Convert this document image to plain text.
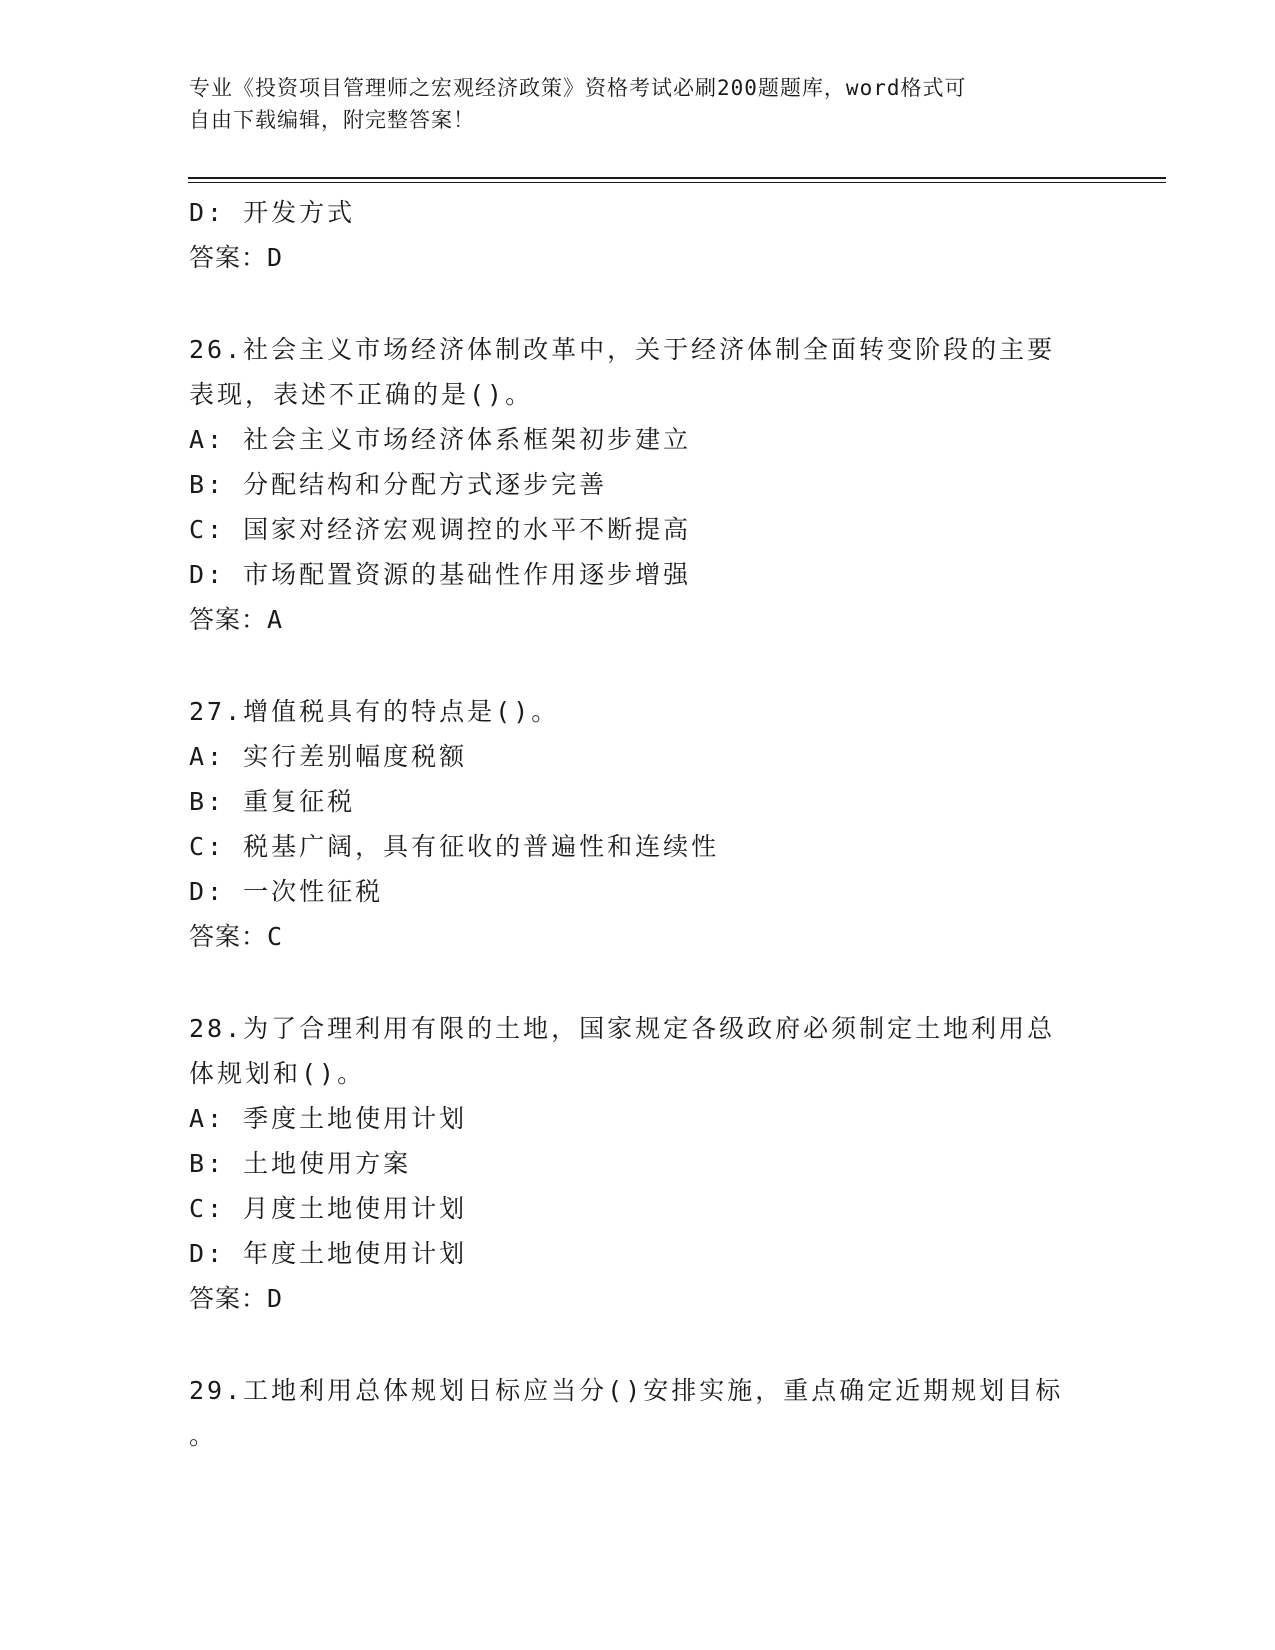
专业《投资项目管理师之宏观经济政策》资格考试必刷200题题库，word格式可
自由下载编辑，附完整答案！
D: 开发方式
答案：D
26.社会主义市场经济体制改革中，关于经济体制全面转变阶段的主要
表现，表述不正确的是()。
A: 社会主义市场经济体系框架初步建立
B: 分配结构和分配方式逐步完善
C: 国家对经济宏观调控的水平不断提高
D: 市场配置资源的基础性作用逐步增强
答案：A
27.增值税具有的特点是()。
A: 实行差别幅度税额
B: 重复征税
C: 税基广阔，具有征收的普遍性和连续性
D: 一次性征税
答案：C
28.为了合理利用有限的土地，国家规定各级政府必须制定土地利用总
体规划和()。
A: 季度土地使用计划
B: 土地使用方案
C: 月度土地使用计划
D: 年度土地使用计划
答案：D
29.工地利用总体规划日标应当分()安排实施，重点确定近期规划目标
。
